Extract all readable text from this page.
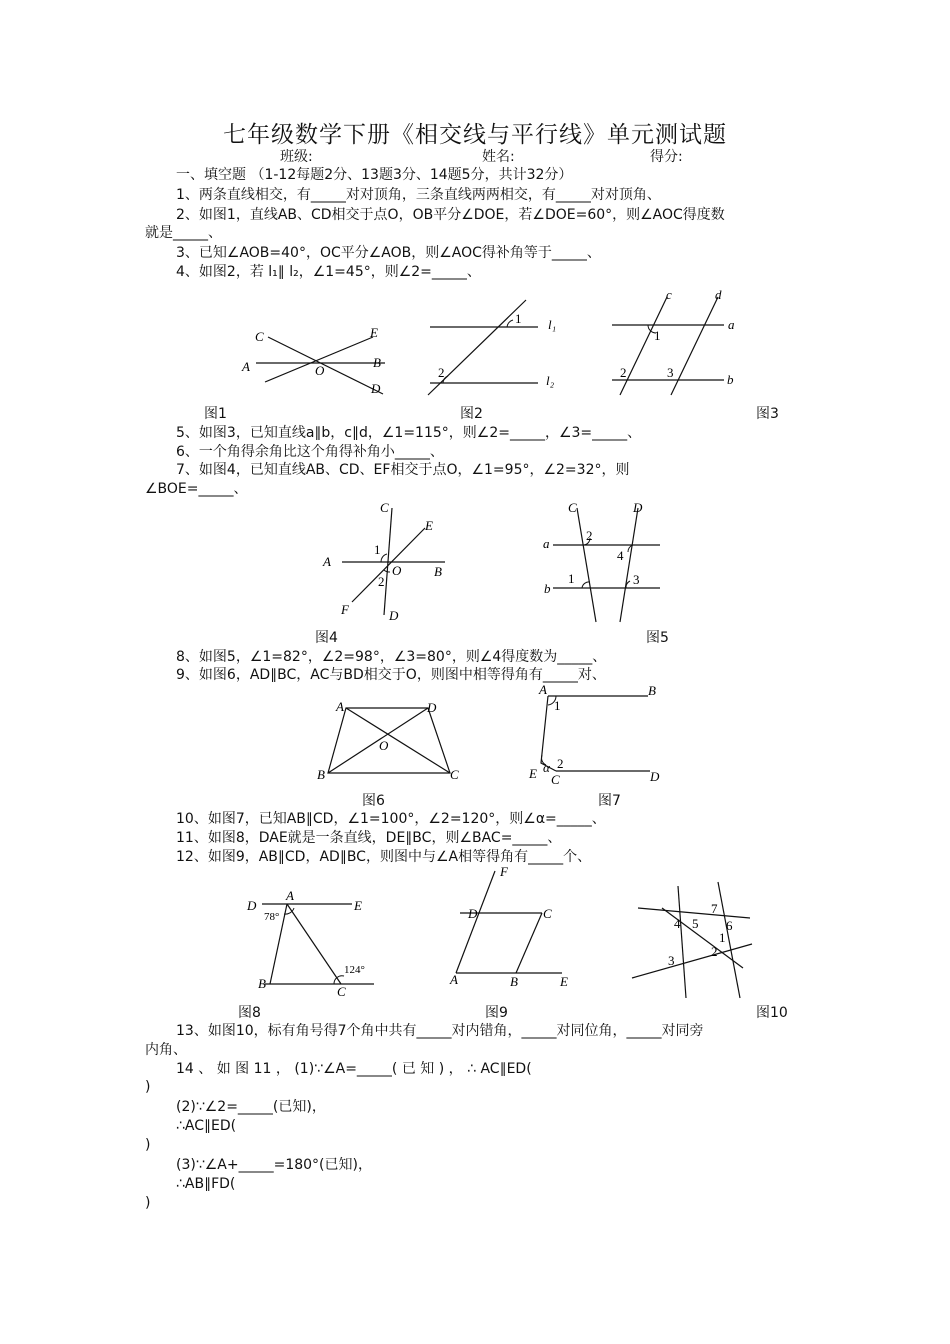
七年级数学下册《相交线与平行线》单元测试题
班级:	姓名:	得分:
一、填空题 （1-12每题2分、13题3分、14题5分，共计32分）
1、两条直线相交，有_____对对顶角，三条直线两两相交，有_____对对顶角、
2、如图1，直线AB、CD相交于点O，OB平分∠DOE，若∠DOE=60°，则∠AOC得度数
就是_____、
3、已知∠AOB=40°，OC平分∠AOB，则∠AOC得补角等于_____、
4、如图2，若 l₁∥ l₂，∠1=45°，则∠2=_____、
C	E
A	O
B
D
1 l₁
2
l₂
c	d
a
1
2	3	b
图1	图2	图3
5、如图3，已知直线a∥b，c∥d，∠1=115°，则∠2=_____，∠3=_____、
6、一个角得余角比这个角得补角小_____、
7、如图4，已知直线AB、CD、EF相交于点O，∠1=95°，∠2=32°，则
∠BOE=_____、
C
E
A
1
O	B
2
F	D
C	D
a
2
4
1	3
b
图4	图5
8、如图5，∠1=82°，∠2=98°，∠3=80°，则∠4得度数为_____、
9、如图6，AD∥BC，AC与BD相交于O，则图中相等得角有_____对、
A	D
O
B	C
A	B
1
α 2
E C	D
图6	图7
10、如图7，已知AB∥CD，∠1=100°，∠2=120°，则∠α=_____、
11、如图8，DAE就是一条直线，DE∥BC，则∠BAC=_____、
12、如图9，AB∥CD，AD∥BC，则图中与∠A相等得角有_____个、
D
A
E
78°
124°
B
C
F
D	C
A	B	E
7
4 5 6
1
2
3
图8	图9	图10
13、如图10，标有角号得7个角中共有_____对内错角，_____对同位角，_____对同旁
内角、
14 、 如 图 11 ， (1)∵∠A=_____( 已 知 ) ， ∴ AC∥ED(
)
(2)∵∠2=_____(已知)，
∴AC∥ED(
)
(3)∵∠A+_____=180°(已知)，
∴AB∥FD(
)
